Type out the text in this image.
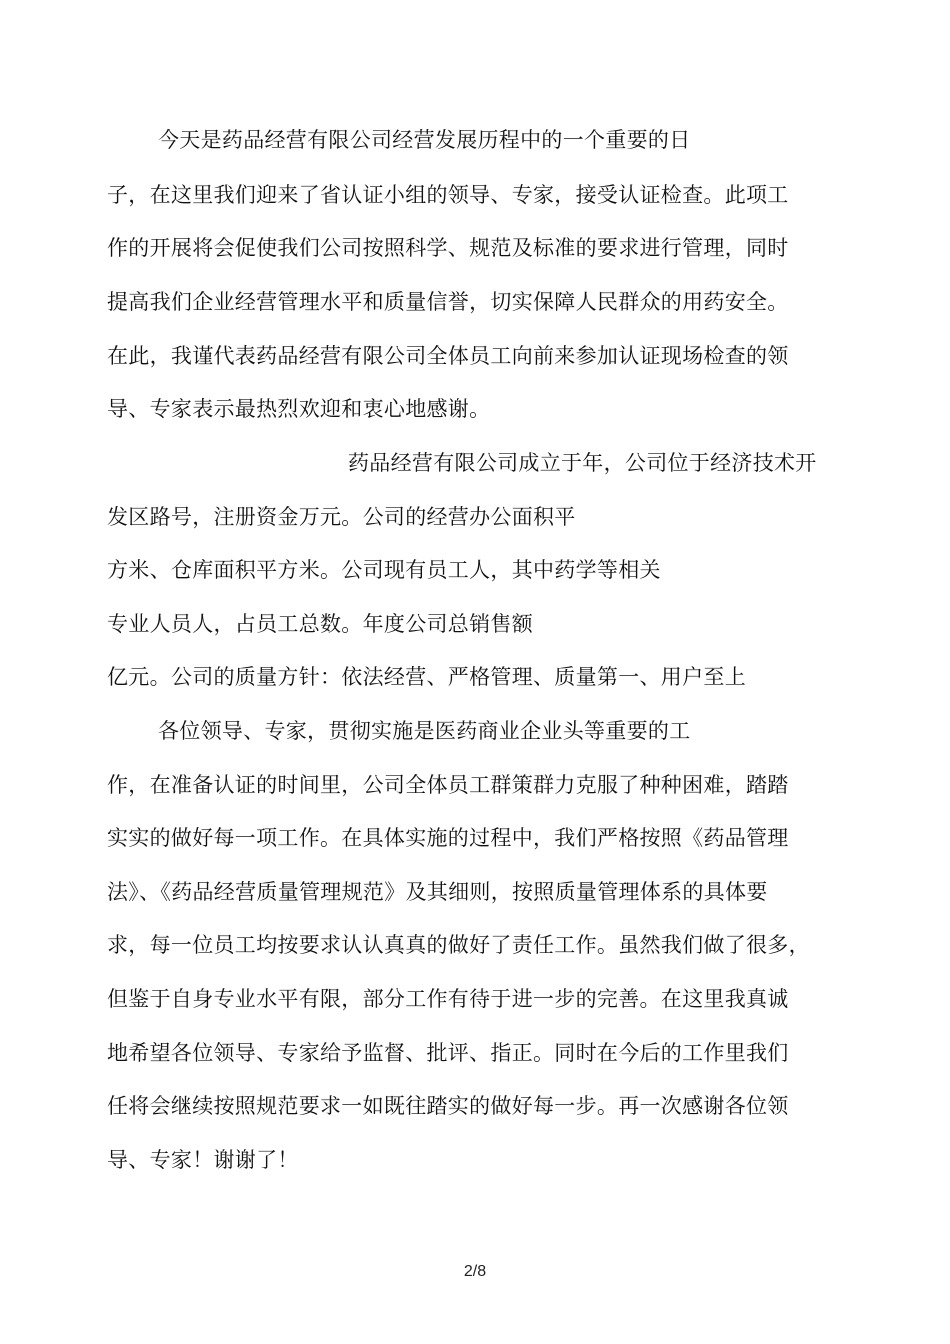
今天是药品经营有限公司经营发展历程中的一个重要的日
子，在这里我们迎来了省认证小组的领导、专家，接受认证检查。此项工
作的开展将会促使我们公司按照科学、规范及标准的要求进行管理，同时
提高我们企业经营管理水平和质量信誉，切实保障人民群众的用药安全。
在此，我谨代表药品经营有限公司全体员工向前来参加认证现场检查的领
导、专家表示最热烈欢迎和衷心地感谢。
药品经营有限公司成立于年，公司位于经济技术开
发区路号，注册资金万元。公司的经营办公面积平
方米、仓库面积平方米。公司现有员工人，其中药学等相关
专业人员人，占员工总数。年度公司总销售额
亿元。公司的质量方针：依法经营、严格管理、质量第一、用户至上
各位领导、专家，贯彻实施是医药商业企业头等重要的工
作，在准备认证的时间里，公司全体员工群策群力克服了种种困难，踏踏
实实的做好每一项工作。在具体实施的过程中，我们严格按照《药品管理
法》、《药品经营质量管理规范》及其细则，按照质量管理体系的具体要
求，每一位员工均按要求认认真真的做好了责任工作。虽然我们做了很多，
但鉴于自身专业水平有限，部分工作有待于进一步的完善。在这里我真诚
地希望各位领导、专家给予监督、批评、指正。同时在今后的工作里我们
任将会继续按照规范要求一如既往踏实的做好每一步。再一次感谢各位领
导、专家！谢谢了！
2/8
